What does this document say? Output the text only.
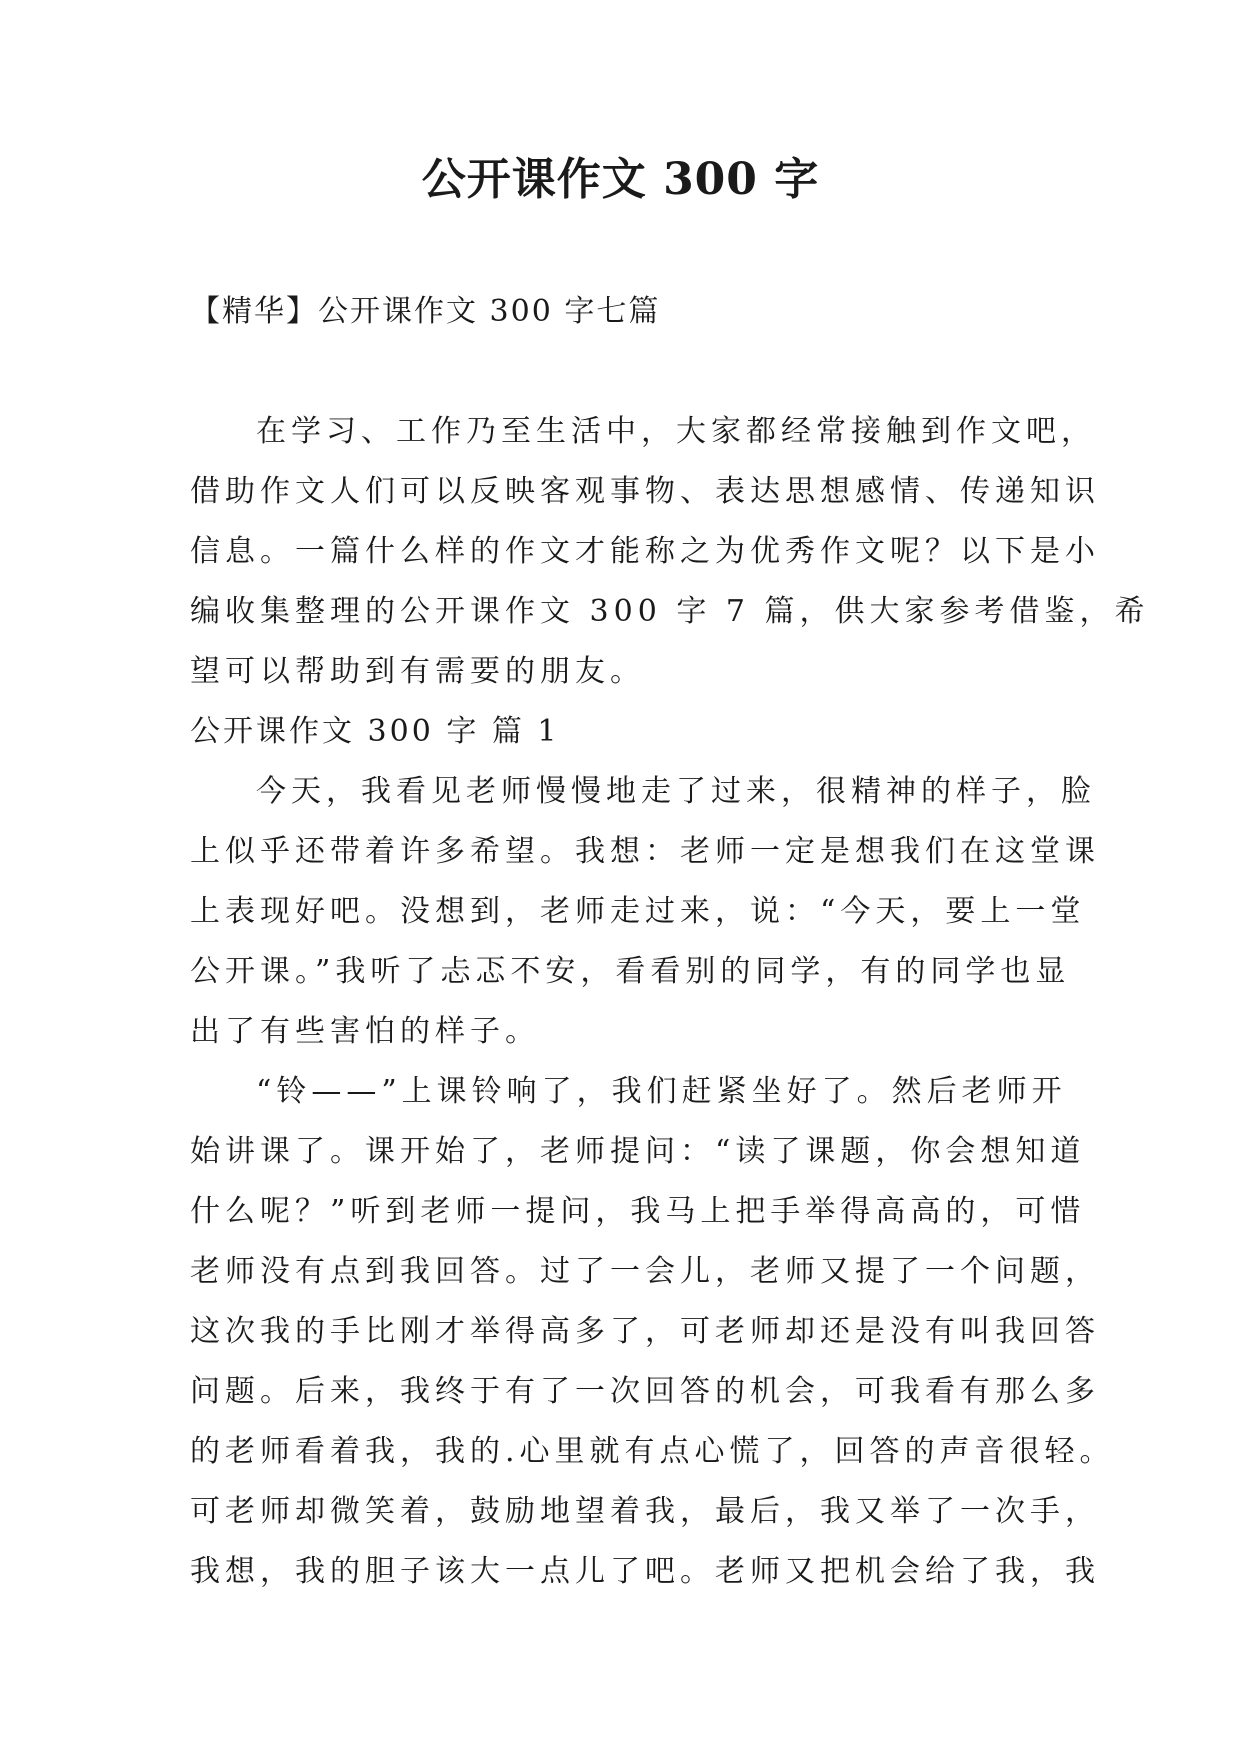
公开课作文 300 字

【精华】公开课作文 300 字七篇

在学习、工作乃至生活中，大家都经常接触到作文吧，
借助作文人们可以反映客观事物、表达思想感情、传递知识
信息。一篇什么样的作文才能称之为优秀作文呢？以下是小
编收集整理的公开课作文 300 字 7 篇，供大家参考借鉴，希
望可以帮助到有需要的朋友。
公开课作文 300 字 篇 1
今天，我看见老师慢慢地走了过来，很精神的样子，脸
上似乎还带着许多希望。我想：老师一定是想我们在这堂课
上表现好吧。没想到，老师走过来，说：“今天，要上一堂
公开课。”我听了忐忑不安，看看别的同学，有的同学也显
出了有些害怕的样子。
“铃——”上课铃响了，我们赶紧坐好了。然后老师开
始讲课了。课开始了，老师提问：“读了课题，你会想知道
什么呢？”听到老师一提问，我马上把手举得高高的，可惜
老师没有点到我回答。过了一会儿，老师又提了一个问题，
这次我的手比刚才举得高多了，可老师却还是没有叫我回答
问题。后来，我终于有了一次回答的机会，可我看有那么多
的老师看着我，我的.心里就有点心慌了，回答的声音很轻。
可老师却微笑着，鼓励地望着我，最后，我又举了一次手，
我想，我的胆子该大一点儿了吧。老师又把机会给了我，我
